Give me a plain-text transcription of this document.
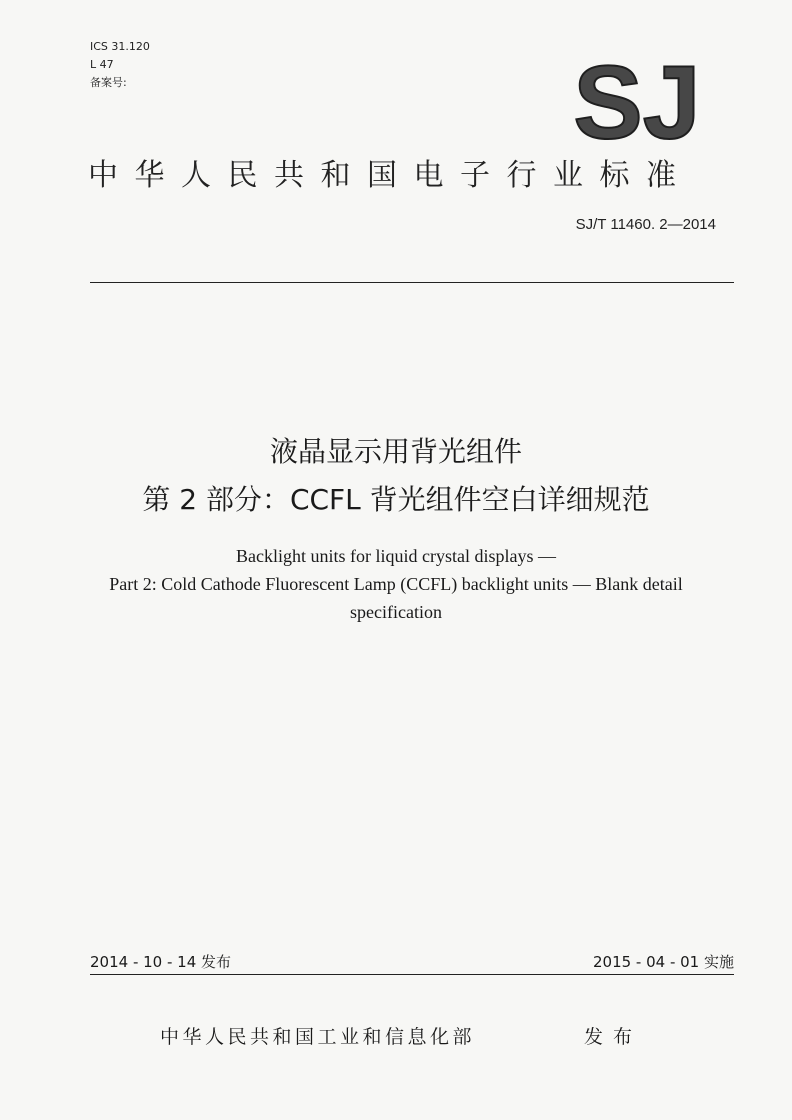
ICS 31.120
L 47
备案号:	SJ
中华人民共和国电子行业标准
SJ/T 11460. 2—2014
液晶显示用背光组件
第 2 部分：CCFL 背光组件空白详细规范
Backlight units for liquid crystal displays —
Part 2: Cold Cathode Fluorescent Lamp (CCFL) backlight units — Blank detail
specification
2014 - 10 - 14 发布	2015 - 04 - 01 实施
中华人民共和国工业和信息化部	发布
